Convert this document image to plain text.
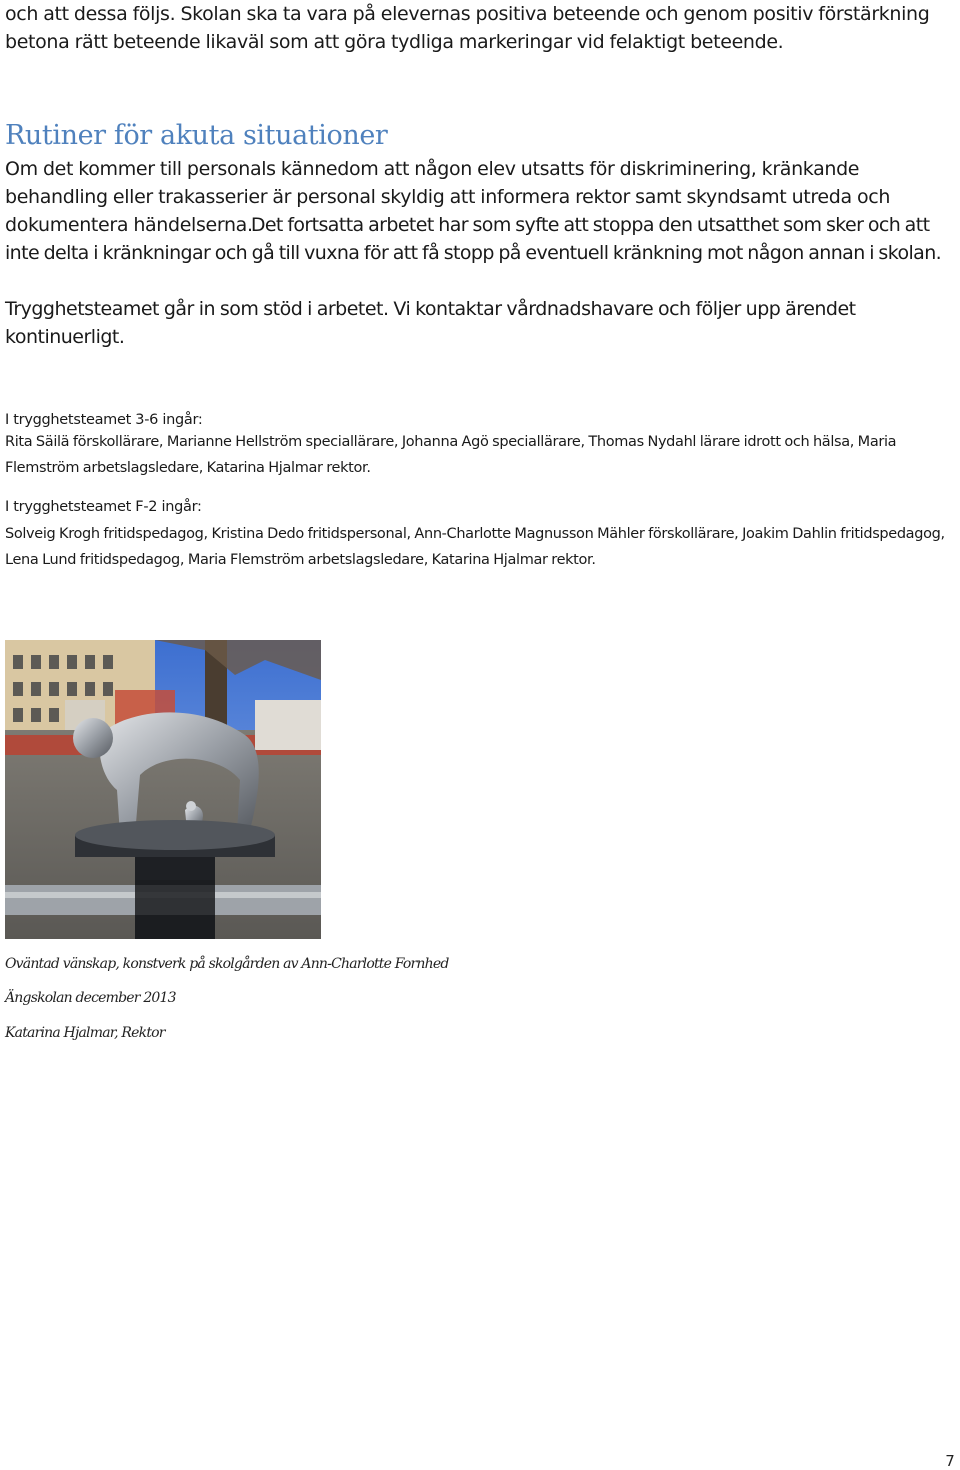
och att dessa följs. Skolan ska ta vara på elevernas positiva beteende och genom positiv förstärkning betona rätt beteende likaväl som att göra tydliga markeringar vid felaktigt beteende.
Rutiner för akuta situationer
Om det kommer till personals kännedom att någon elev utsatts för diskriminering, kränkande behandling eller trakasserier är personal skyldig att informera rektor samt skyndsamt utreda och dokumentera händelserna.
Det fortsatta arbetet har som syfte att stoppa den utsatthet som sker och att inte delta i kränkningar och gå till vuxna för att få stopp på eventuell kränkning mot någon annan i skolan.
Trygghetsteamet går in som stöd i arbetet. Vi kontaktar vårdnadshavare och följer upp ärendet kontinuerligt.
I trygghetsteamet 3-6 ingår:
Rita Säilä förskollärare, Marianne Hellström speciallärare, Johanna Agö speciallärare, Thomas Nydahl lärare idrott och hälsa, Maria Flemström arbetslagsledare, Katarina Hjalmar rektor.
I trygghetsteamet F-2 ingår:
Solveig Krogh fritidspedagog, Kristina Dedo fritidspersonal, Ann-Charlotte Magnusson Mähler förskollärare, Joakim Dahlin fritidspedagog, Lena Lund fritidspedagog, Maria Flemström arbetslagsledare, Katarina Hjalmar rektor.
Oväntad vänskap, konstverk på skolgården av Ann-Charlotte Fornhed
Ängskolan december 2013
Katarina Hjalmar, Rektor
7
